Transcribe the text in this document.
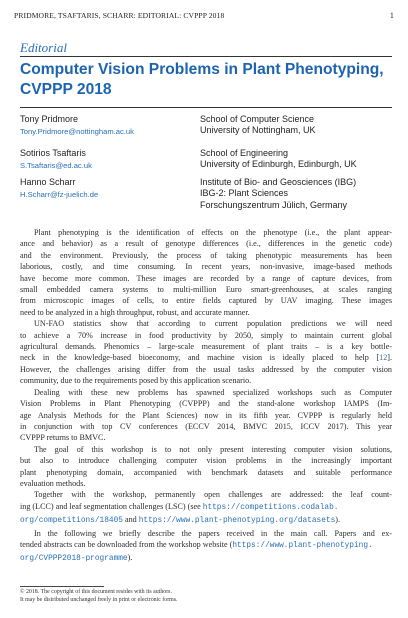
PRIDMORE, TSAFTARIS, SCHARR: EDITORIAL: CVPPP 2018	1
Editorial
Computer Vision Problems in Plant Phenotyping, CVPPP 2018
Tony Pridmore
Tony.Pridmore@nottingham.ac.uk
School of Computer Science
University of Nottingham, UK
Sotirios Tsaftaris
S.Tsaftaris@ed.ac.uk
School of Engineering
University of Edinburgh, Edinburgh, UK
Hanno Scharr
H.Scharr@fz-juelich.de
Institute of Bio- and Geosciences (IBG)
IBG-2: Plant Sciences
Forschungszentrum Jülich, Germany

Plant phenotyping is the identification of effects on the phenotype (i.e., the plant appear-
ance and behavior) as a result of genotype differences (i.e., differences in the genetic code)
and the environment. Previously, the process of taking phenotypic measurements has been
laborious, costly, and time consuming. In recent years, non-invasive, image-based methods
have become more common. These images are recorded by a range of capture devices, from
small embedded camera systems to multi-million Euro smart-greenhouses, at scales ranging
from microscopic images of cells, to entire fields captured by UAV imaging. These images
need to be analyzed in a high throughput, robust, and accurate manner.

UN-FAO statistics show that according to current population predictions we will need
to achieve a 70% increase in food productivity by 2050, simply to maintain current global
agricultural demands. Phenomics – large-scale measurement of plant traits – is a key bottle-
neck in the knowledge-based bioeconomy, and machine vision is ideally placed to help [12].
However, the challenges arising differ from the usual tasks addressed by the computer vision
community, due to the requirements posed by this application scenario.

Dealing with these new problems has spawned specialized workshops such as Computer
Vision Problems in Plant Phenotyping (CVPPP) and the stand-alone workshop IAMPS (Im-
age Analysis Methods for the Plant Sciences) now in its fifth year. CVPPP is regularly held
in conjunction with top CV conferences (ECCV 2014, BMVC 2015, ICCV 2017). This year
CVPPP returns to BMVC.

The goal of this workshop is to not only present interesting computer vision solutions,
but also to introduce challenging computer vision problems in the increasingly important
plant phenotyping domain, accompanied with benchmark datasets and suitable performance
evaluation methods.

Together with the workshop, permanently open challenges are addressed: the leaf count-
ing (LCC) and leaf segmentation challenges (LSC) (see https://competitions.codalab.
org/competitions/18405 and https://www.plant-phenotyping.org/datasets).

In the following we briefly describe the papers received in the main call. Papers and ex-
tended abstracts can be downloaded from the workshop website (https://www.plant-phenotyping.
org/CVPPP2018-programme).

© 2018. The copyright of this document resides with its authors.
It may be distributed unchanged freely in print or electronic forms.
